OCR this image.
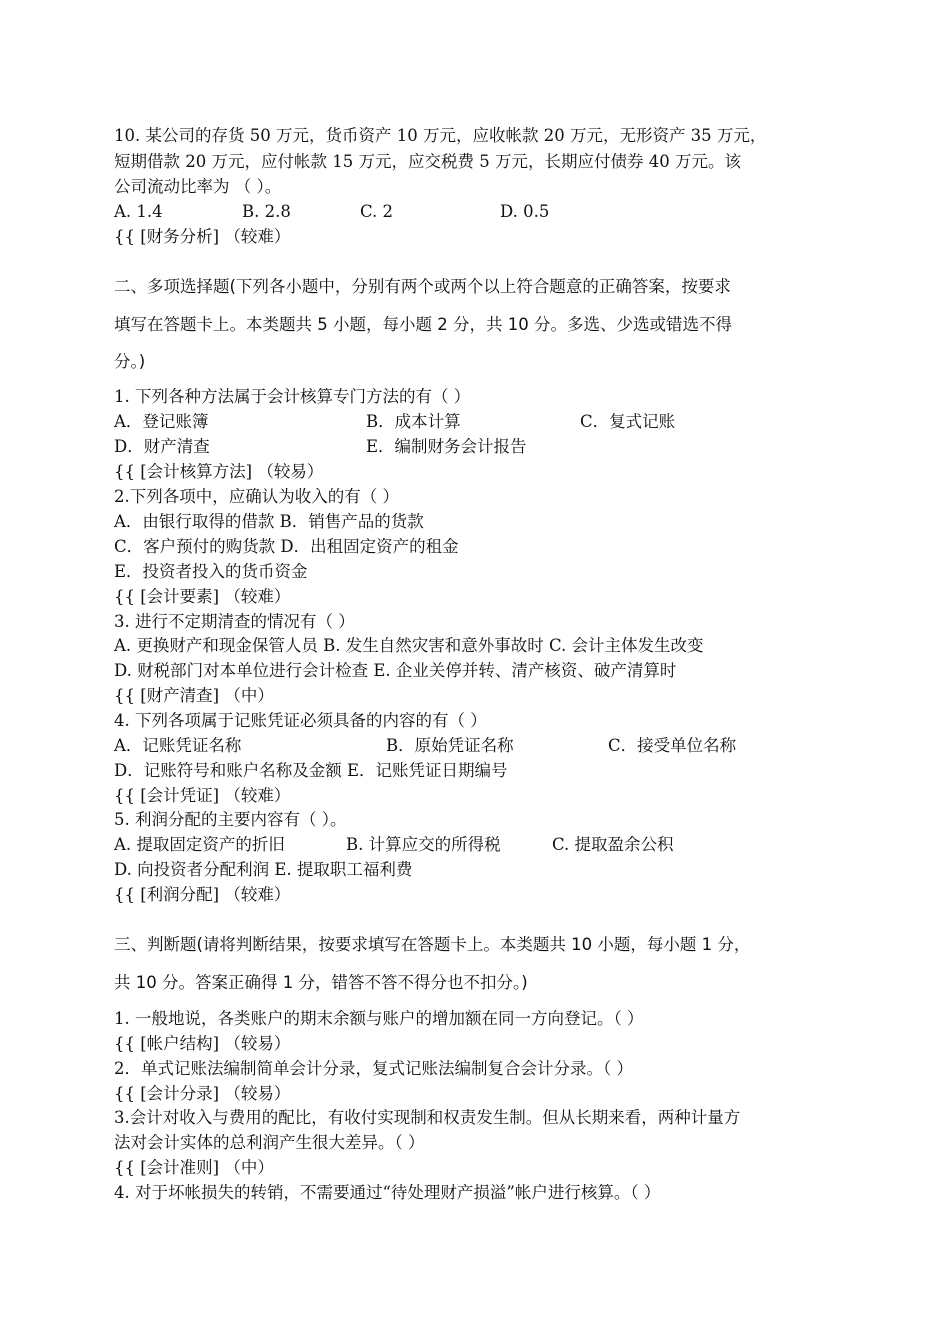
10. 某公司的存货 50 万元，货币资产 10 万元，应收帐款 20 万元，无形资产 35 万元，
短期借款 20 万元，应付帐款 15 万元，应交税费 5 万元，长期应付债券 40 万元。该
公司流动比率为 （ ）。
A. 1.4	B. 2.8	C. 2	D. 0.5
{{ [财务分析] （较难）
二、多项选择题(下列各小题中，分别有两个或两个以上符合题意的正确答案，按要求
填写在答题卡上。本类题共 5 小题，每小题 2 分，共 10 分。多选、少选或错选不得
分。)
1. 下列各种方法属于会计核算专门方法的有（ ）
A．登记账簿	B．成本计算	C．复式记账
D．财产清查	E．编制财务会计报告
{{ [会计核算方法] （较易）
2.下列各项中，应确认为收入的有（ ）
A．由银行取得的借款 B．销售产品的货款
C．客户预付的购货款 D．出租固定资产的租金
E．投资者投入的货币资金
{{ [会计要素] （较难）
3. 进行不定期清查的情况有（ ）
A. 更换财产和现金保管人员 B. 发生自然灾害和意外事故时 C. 会计主体发生改变
D. 财税部门对本单位进行会计检查 E. 企业关停并转、清产核资、破产清算时
{{ [财产清查] （中）
4. 下列各项属于记账凭证必须具备的内容的有（ ）
A．记账凭证名称	B．原始凭证名称	C．接受单位名称
D．记账符号和账户名称及金额 E．记账凭证日期编号
{{ [会计凭证] （较难）
5. 利润分配的主要内容有（ ）。
A. 提取固定资产的折旧	B. 计算应交的所得税	C. 提取盈余公积
D. 向投资者分配利润 E. 提取职工福利费
{{ [利润分配] （较难）
三、判断题(请将判断结果，按要求填写在答题卡上。本类题共 10 小题，每小题 1 分，
共 10 分。答案正确得 1 分，错答不答不得分也不扣分。)
1. 一般地说，各类账户的期末余额与账户的增加额在同一方向登记。（ ）
{{ [帐户结构] （较易）
2．单式记账法编制简单会计分录，复式记账法编制复合会计分录。（ ）
{{ [会计分录] （较易）
3.会计对收入与费用的配比，有收付实现制和权责发生制。但从长期来看，两种计量方
法对会计实体的总利润产生很大差异。（ ）
{{ [会计准则] （中）
4. 对于坏帐损失的转销，不需要通过“待处理财产损溢”帐户进行核算。（ ）
